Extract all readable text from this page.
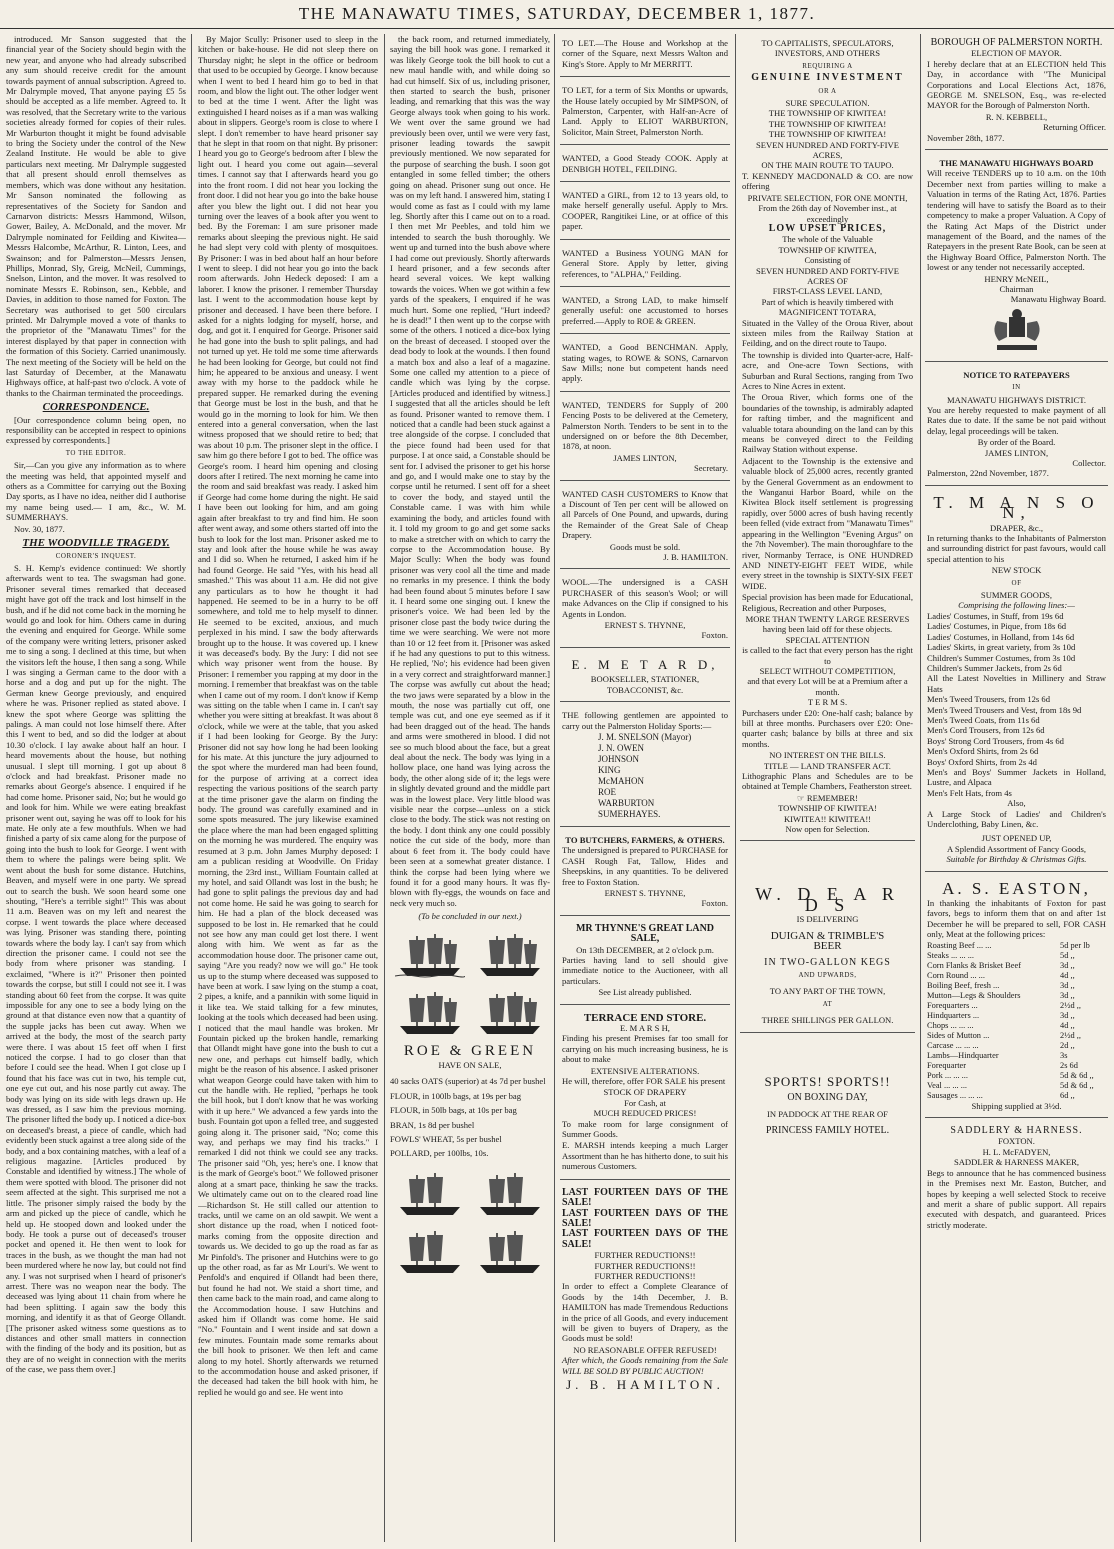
THE MANAWATU TIMES, SATURDAY, DECEMBER 1, 1877.

introduced. Mr Sanson suggested that the financial year of the Society should begin with the new year, and anyone who had already subscribed any sum should receive credit for the amount towards payment of annual subscription. Agreed to. Mr Dalrymple moved, That anyone paying £5 5s should be accepted as a life member. Agreed to. It was resolved, that the Secretary write to the various societies already formed for copies of their rules. Mr Warburton thought it might be found advisable to bring the Society under the control of the New Zealand Institute. He would be able to give particulars next meeting. Mr Dalrymple suggested that all present should enroll themselves as members, which was done without any hesitation. Mr Sanson nominated the following as representatives of the Society for Sandon and Carnarvon districts: Messrs Hammond, Wilson, Gower, Bailey, A. McDonald, and the mover. Mr Dalrymple nominated for Feilding and Kiwitea—Messrs Halcombe, McArthur, R. Linton, Lees, and Swainson; and for Palmerston—Messrs Jensen, Phillips, Monrad, Sly, Greig, McNeil, Cummings, Snelson, Linton, and the mover. It was resolved to nominate Messrs E. Robinson, sen., Kebble, and Davies, in addition to those named for Foxton. The Secretary was authorised to get 500 circulars printed. Mr Dalrymple moved a vote of thanks to the proprietor of the "Manawatu Times" for the interest displayed by that paper in connection with the formation of this Society. Carried unanimously. The next meeting of the Society will be held on the last Saturday of December, at the Manawatu Highways office, at half-past two o'clock. A vote of thanks to the Chairman terminated the proceedings.

CORRESPONDENCE.

[Our correspondence column being open, no responsibility can be accepted in respect to opinions expressed by correspondents.]

TO THE EDITOR.

Sir,—Can you give any information as to where the meeting was held, that appointed myself and others as a Committee for carrying out the Boxing Day sports, as I have no idea, neither did I authorise my name being used.— I am, &c., W. M. SUMMERHAYS.

Nov. 30, 1877.

THE WOODVILLE TRAGEDY.
CORONER'S INQUEST.

S. H. Kemp's evidence continued: We shortly afterwards went to tea. The swagsman had gone. Prisoner several times remarked that deceased might have got off the track and lost himself in the bush, and if he did not come back in the morning he would go and look for him. Others came in during the evening and enquired for George. While some of the company were writing letters, prisoner asked me to sing a song. I declined at this time, but when the visitors left the house, I then sang a song. While I was singing a German came to the door with a horse and a dog and put up for the night. The German knew George previously, and enquired where he was. Prisoner replied as stated above. I knew the spot where George was splitting the palings. A man could not lose himself there. After this I went to bed, and so did the lodger at about 10.30 o'clock. I lay awake about half an hour. I heard movements about the house, but nothing unusual. I slept till morning. I got up about 8 o'clock and had breakfast. Prisoner made no remarks about George's absence. I enquired if he had come home. Prisoner said, No; but he would go and look for him. While we were eating breakfast prisoner went out, saying he was off to look for his mate. He only ate a few mouthfuls. When we had finished a party of six came along for the purpose of going into the bush to look for George. I went with them to where the palings were being split. We went about the bush for some distance. Hutchins, Beaven, and myself were in one party. We spread out to search the bush. We soon heard some one shouting, "Here's a terrible sight!" This was about 11 a.m. Beaven was on my left and nearest the corpse. I went towards the place where deceased was lying. Prisoner was standing there, pointing towards where the body lay. I can't say from which direction the prisoner came. I could not see the body from where prisoner was standing. I exclaimed, "Where is it?" Prisoner then pointed towards the corpse, but still I could not see it. I was standing about 60 feet from the corpse. It was quite impossible for any one to see a body lying on the ground at that distance even now that a quantity of the supple jacks has been cut away. When we arrived at the body, the most of the search party were there. I was about 15 feet off when I first noticed the corpse. I had to go closer than that before I could see the head. When I got close up I found that his face was cut in two, his temple cut, one eye cut out, and his nose partly cut away. The body was lying on its side with legs drawn up. He was dressed, as I saw him the previous morning. The prisoner lifted the body up. I noticed a dice-box on deceased's breast, a piece of candle, which had evidently been stuck against a tree along side of the body, and a box containing matches, with a leaf of a religious magazine. [Articles produced by Constable and identified by witness.] The whole of them were spotted with blood. The prisoner did not seem affected at the sight. This surprised me not a little. The prisoner simply raised the body by the arm and picked up the piece of candle, which he held up. He stooped down and looked under the body. He took a purse out of deceased's trouser pocket and opened it. He then went to look for traces in the bush, as we thought the man had not been murdered where he now lay, but could not find any. I was not surprised when I heard of prisoner's arrest. There was no weapon near the body. The deceased was lying about 11 chain from where he had been splitting. I again saw the body this morning, and identify it as that of George Ollandt. [The prisoner asked witness some questions as to distances and other small matters in connection with the finding of the body and its position, but as they are of no weight in connection with the merits of the case, we pass them over.]

By Major Scully: Prisoner used to sleep in the kitchen or bake-house. He did not sleep there on Thursday night; he slept in the office or bedroom that used to be occupied by George. I know because when I went to bed I heard him go to bed in that room, and blow the light out. The other lodger went to bed at the time I went. After the light was extinguished I heard noises as if a man was walking about in slippers. George's room is close to where I slept. I don't remember to have heard prisoner say that he slept in that room on that night. By prisoner: I heard you go to George's bedroom after I blew the light out. I heard you come out again—several times. I cannot say that I afterwards heard you go into the front room. I did not hear you locking the front door. I did not hear you go into the bake house after you blew the light out. I did not hear you turning over the leaves of a book after you went to bed. By the Foreman: I am sure prisoner made remarks about sleeping the previous night. He said he had slept very cold with plenty of mosquitoes. By Prisoner: I was in bed about half an hour before I went to sleep. I did not hear you go into the back room afterwards. John Hedeck deposed: I am a laborer. I know the prisoner. I remember Thursday last. I went to the accommodation house kept by prisoner and deceased. I have been there before. I asked for a nights lodging for myself, horse, and dog, and got it. I enquired for George. Prisoner said he had gone into the bush to split palings, and had not turned up yet. He told me some time afterwards he had been looking for George, but could not find him; he appeared to be anxious and uneasy. I went away with my horse to the paddock while he prepared supper. He remarked during the evening that George must be lost in the bush, and that he would go in the morning to look for him. We then entered into a general conversation, when the last witness proposed that we should retire to bed; that was about 10 p.m. The prisoner slept in the office. I saw him go there before I got to bed. The office was George's room. I heard him opening and closing doors after I retired. The next morning he came into the room and said breakfast was ready. I asked him if George had come home during the night. He said I have been out looking for him, and am going again after breakfast to try and find him. He soon after went away, and some others started off into the bush to look for the lost man. Prisoner asked me to stay and look after the house while he was away and I did so. When he returned, I asked him if he had found George. He said "Yes, with his head all smashed." This was about 11 a.m. He did not give any particulars as to how he thought it had happened. He seemed to be in a hurry to be off somewhere, and told me to help myself to dinner. He seemed to be excited, anxious, and much perplexed in his mind. I saw the body afterwards brought up to the house. It was covered up. I knew it was deceased's body. By the Jury: I did not see which way prisoner went from the house. By Prisoner: I remember you rapping at my door in the morning. I remember that breakfast was on the table when I came out of my room. I don't know if Kemp was sitting on the table when I came in. I can't say whether you were sitting at breakfast. It was about 8 o'clock, while we were at the table, that you asked if I had been looking for George. By the Jury: Prisoner did not say how long he had been looking for his mate. At this juncture the jury adjourned to the spot where the murdered man had been found, for the purpose of arriving at a correct idea respecting the various positions of the search party at the time prisoner gave the alarm on finding the body. The ground was carefully examined and in some spots measured. The jury likewise examined the place where the man had been engaged splitting on the morning he was murdered. The enquiry was resumed at 3 p.m. John James Murphy deposed: I am a publican residing at Woodville. On Friday morning, the 23rd inst., William Fountain called at my hotel, and said Ollandt was lost in the bush; he had gone to split palings the previous day and had not come home. He said he was going to search for him. He had a plan of the block deceased was supposed to be lost in. He remarked that he could not see how any man could get lost there. I went along with him. We went as far as the accommodation house door. The prisoner came out, saying "Are you ready? now we will go." He took us up to the stump where deceased was supposed to have been at work. I saw lying on the stump a coat, 2 pipes, a knife, and a pannikin with some liquid in it like tea. We staid talking for a few minutes, looking at the tools which deceased had been using. I noticed that the maul handle was broken. Mr Fountain picked up the broken handle, remarking that Ollandt might have gone into the bush to cut a new one, and perhaps cut himself badly, which might be the reason of his absence. I asked prisoner what weapon George could have taken with him to cut the handle with. He replied, "perhaps he took the bill hook, but I don't know that he was working with it up here." We advanced a few yards into the bush. Fountain got upon a felled tree, and suggested going along it. The prisoner said, "No; come this way, and perhaps we may find his tracks." I remarked I did not think we could see any tracks. The prisoner said "Oh, yes; here's one. I know that is the mark of George's boot." We followed prisoner along at a smart pace, thinking he saw the tracks. We ultimately came out on to the cleared road line—Richardson St. He still called our attention to tracks, until we came on an old sawpit. We went a short distance up the road, when I noticed foot-marks coming from the opposite direction and towards us. We decided to go up the road as far as Mr Pinfold's. The prisoner and Hutchins were to go up the other road, as far as Mr Louri's. We went to Penfold's and enquired if Ollandt had been there, but found he had not. We staid a short time, and then came back to the main road, and came along to the Accommodation house. I saw Hutchins and asked him if Ollandt was come home. He said "No." Fountain and I went inside and sat down a few minutes. Fountain made some remarks about the bill hook to prisoner. We then left and came along to my hotel. Shortly afterwards we returned to the accommodation house and asked prisoner, if the deceased had taken the bill hook with him, he replied he would go and see. He went into

the back room, and returned immediately, saying the bill hook was gone. I remarked it was likely George took the bill hook to cut a new maul handle with, and while doing so had cut himself. Six of us, including prisoner, then started to search the bush, prisoner leading, and remarking that this was the way George always took when going to his work. We went over the same ground we had previously been over, until we were very fast, prisoner leading towards the sawpit previously mentioned. We now separated for the purpose of searching the bush. I soon got entangled in some felled timber; the others going on ahead. Prisoner sung out once. He was on my left hand. I answered him, stating I would come as fast as I could with my lame leg. Shortly after this I came out on to a road. I then met Mr Peebles, and told him we intended to search the bush thoroughly. We went up and turned into the bush above where I had come out previously. Shortly afterwards I heard prisoner, and a few seconds after heard several voices. We kept walking towards the voices. When we got within a few yards of the speakers, I enquired if he was much hurt. Some one replied, "Hurt indeed? he is dead!" I then went up to the corpse with some of the others. I noticed a dice-box lying on the breast of deceased. I stooped over the dead body to look at the wounds. I then found a match box and also a leaf of a magazine. Some one called my attention to a piece of candle which was lying by the corpse. [Articles produced and identified by witness.] I suggested that all the articles should be left as found. Prisoner wanted to remove them. I noticed that a candle had been stuck against a tree alongside of the corpse. I concluded that the piece found had been used for that purpose. I at once said, a Constable should be sent for. I advised the prisoner to get his horse and go, and I would make one to stay by the corpse until he returned. I sent off for a sheet to cover the body, and stayed until the Constable came. I was with him while examining the body, and articles found with it. I told my groom to go and get some sacks to make a stretcher with on which to carry the corpse to the Accommodation house. By Major Scully: When the body was found prisoner was very cool all the time and made no remarks in my presence. I think the body had been found about 5 minutes before I saw it. I heard some one singing out. I knew the prisoner's voice. We had been led by the prisoner close past the body twice during the time we were searching. We were not more than 10 or 12 feet from it. [Prisoner was asked if he had any questions to put to this witness. He replied, 'No'; his evidence had been given in a very correct and straightforward manner.] The corpse was awfully cut about the head; the two jaws were separated by a blow in the mouth, the nose was partially cut off, one temple was cut, and one eye seemed as if it had been dragged out of the head. The hands and arms were smothered in blood. I did not see so much blood about the face, but a great deal about the neck. The body was lying in a hollow place, one hand was lying across the body, the other along side of it; the legs were in slightly devated ground and the middle part was in the lowest place. Very little blood was visible near the corpse—unless on a stick close to the body. The stick was not resting on the body. I dont think any one could possibly notice the cut side of the body, more than about 6 feet from it. The body could have been seen at a somewhat greater distance. I think the corpse had been lying where we found it for a good many hours. It was fly-blown with fly-eggs, the wounds on face and neck very much so.

(To be concluded in our next.)
ROE & GREEN
HAVE ON SALE,
40 sacks OATS (superior) at 4s 7d per bushel
FLOUR, in 100lb bags, at 19s per bag
FLOUR, in 50lb bags, at 10s per bag
BRAN, 1s 8d per bushel
FOWLS' WHEAT, 5s per bushel
POLLARD, per 100lbs, 10s.

TO LET.—The House and Workshop at the corner of the Square, next Messrs Walton and King's Store. Apply to Mr MERRITT.

TO LET, for a term of Six Months or upwards, the House lately occupied by Mr SIMPSON, of Palmerston, Carpenter, with Half-an-Acre of Land. Apply to ELIOT WARBURTON, Solicitor, Main Street, Palmerston North.

WANTED, a Good Steady COOK. Apply at DENBIGH HOTEL, FEILDING.

WANTED a GIRL, from 12 to 13 years old, to make herself generally useful. Apply to Mrs. COOPER, Rangitikei Line, or at office of this paper.

WANTED a Business YOUNG MAN for General Store. Apply by letter, giving references, to "ALPHA," Feilding.

WANTED, a Strong LAD, to make himself generally useful: one accustomed to horses preferred.—Apply to ROE & GREEN.

WANTED, a Good BENCHMAN. Apply, stating wages, to ROWE & SONS, Carnarvon Saw Mills; none but competent hands need apply.

WANTED, TENDERS for Supply of 200 Fencing Posts to be delivered at the Cemetery, Palmerston North. Tenders to be sent in to the undersigned on or before the 8th December, 1878, at noon.

JAMES LINTON,
Secretary.

WANTED CASH CUSTOMERS to Know that a Discount of Ten per cent will be allowed on all Parcels of One Pound, and upwards, during the Remainder of the Great Sale of Cheap Drapery.

Goods must be sold.
J. B. HAMILTON.

WOOL.—The undersigned is a CASH PURCHASER of this season's Wool; or will make Advances on the Clip if consigned to his Agents in London.

ERNEST S. THYNNE,
Foxton.
E. M E T A R D,
BOOKSELLER, STATIONER, TOBACCONIST, &c.

THE following gentlemen are appointed to carry out the Palmerston Holiday Sports:—

J. M. SNELSON (Mayor)
J. N. OWEN
JOHNSON
KING
McMAHON
ROE
WARBURTON
SUMERHAYES.
TO BUTCHERS, FARMERS, & OTHERS.

The undersigned is prepared to PURCHASE for CASH Rough Fat, Tallow, Hides and Sheepskins, in any quantities. To be delivered free to Foxton Station.

ERNEST S. THYNNE,
Foxton.
MR THYNNE'S GREAT LAND SALE,
On 13th DECEMBER, at 2 o'clock p.m.

Parties having land to sell should give immediate notice to the Auctioneer, with all particulars.

See List already published.
TERRACE END STORE.
E. M A R S H,

Finding his present Premises far too small for carrying on his much increasing business, he is about to make

EXTENSIVE ALTERATIONS.

He will, therefore, offer FOR SALE his present

STOCK OF DRAPERY
For Cash, at
MUCH REDUCED PRICES!

To make room for large consignment of Summer Goods.

E. MARSH intends keeping a much Larger Assortment than he has hitherto done, to suit his numerous Customers.

LAST FOURTEEN DAYS OF THE SALE!
LAST FOURTEEN DAYS OF THE SALE!
LAST FOURTEEN DAYS OF THE SALE!
FURTHER REDUCTIONS!!
FURTHER REDUCTIONS!!
FURTHER REDUCTIONS!!

In order to effect a Complete Clearance of Goods by the 14th December, J. B. HAMILTON has made Tremendous Reductions in the price of all Goods, and every inducement will be given to buyers of Drapery, as the Goods must be sold!

NO REASONABLE OFFER REFUSED!

After which, the Goods remaining from the Sale WILL BE SOLD BY PUBLIC AUCTION!

J. B. HAMILTON.
TO CAPITALISTS, SPECULATORS, INVESTORS, AND OTHERS
REQUIRING A
GENUINE INVESTMENT
OR A
SURE SPECULATION.
THE TOWNSHIP OF KIWITEA!
THE TOWNSHIP OF KIWITEA!
THE TOWNSHIP OF KIWITEA!
SEVEN HUNDRED AND FORTY-FIVE ACRES,
ON THE MAIN ROUTE TO TAUPO.

T. KENNEDY MACDONALD & CO. are now offering

PRIVATE SELECTION, FOR ONE MONTH,
From the 26th day of November inst., at exceedingly
LOW UPSET PRICES,
The whole of the Valuable
TOWNSHIP OF KIWITEA,
Consisting of
SEVEN HUNDRED AND FORTY-FIVE ACRES OF
FIRST-CLASS LEVEL LAND,
Part of which is heavily timbered with
MAGNIFICENT TOTARA,

Situated in the Valley of the Oroua River, about sixteen miles from the Railway Station at Feilding, and on the direct route to Taupo.

The township is divided into Quarter-acre, Half-acre, and One-acre Town Sections, with Suburban and Rural Sections, ranging from Two Acres to Nine Acres in extent.

The Oroua River, which forms one of the boundaries of the township, is admirably adapted for rafting timber, and the magnificent and valuable totara abounding on the land can by this means be conveyed direct to the Feilding Railway Station without expense.

Adjacent to the Township is the extensive and valuable block of 25,000 acres, recently granted by the General Government as an endowment to the Wanganui Harbor Board, while on the Kiwitea Block itself settlement is progressing rapidly, over 5000 acres of bush having recently been felled (vide extract from "Manawatu Times" appearing in the Wellington "Evening Argus" on the 7th November). The main thoroughfare to the river, Normanby Terrace, is ONE HUNDRED AND NINETY-EIGHT FEET WIDE, while every street in the township is SIXTY-SIX FEET WIDE.

Special provision has been made for Educational, Religious, Recreation and other Purposes,

MORE THAN TWENTY LARGE RESERVES
having been laid off for these objects.
SPECIAL ATTENTION
is called to the fact that every person has the right to
SELECT WITHOUT COMPETITION,
and that every Lot will be at a Premium after a month.
T E R M S.

Purchasers under £20: One-half cash; balance by bill at three months. Purchasers over £20: One-quarter cash; balance by bills at three and six months.

NO INTEREST ON THE BILLS.
TITLE — LAND TRANSFER ACT.

Lithographic Plans and Schedules are to be obtained at Temple Chambers, Featherston street.

☞ REMEMBER!
TOWNSHIP OF KIWITEA!
KIWITEA!! KIWITEA!!
Now open for Selection.
W. D E A R D S
IS DELIVERING
DUIGAN & TRIMBLE'S
BEER
IN TWO-GALLON KEGS
AND UPWARDS,
TO ANY PART OF THE TOWN,
AT
THREE SHILLINGS PER GALLON.
SPORTS! SPORTS!!
ON BOXING DAY,
IN PADDOCK AT THE REAR OF
PRINCESS FAMILY HOTEL.
BOROUGH OF PALMERSTON NORTH.
ELECTION OF MAYOR.

I hereby declare that at an ELECTION held This Day, in accordance with "The Municipal Corporations and Local Elections Act, 1876, GEORGE M. SNELSON, Esq., was re-elected MAYOR for the Borough of Palmerston North.

R. N. KEBBELL,
Returning Officer.
November 28th, 1877.
THE MANAWATU HIGHWAYS BOARD

Will receive TENDERS up to 10 a.m. on the 10th December next from parties willing to make a Valuation in terms of the Rating Act, 1876. Parties tendering will have to satisfy the Board as to their competency to make a proper Valuation. A Copy of the Rating Act Maps of the District under management of the Board, and the names of the Ratepayers in the present Rate Book, can be seen at the Highway Board Office, Palmerston North. The lowest or any tender not necessarily accepted.

HENRY McNEIL,
Chairman
Manawatu Highway Board.
NOTICE TO RATEPAYERS
IN
MANAWATU HIGHWAYS DISTRICT.

You are hereby requested to make payment of all Rates due to date. If the same be not paid without delay, legal proceedings will be taken.

By order of the Board.
JAMES LINTON,
Collector.
Palmerston, 22nd November, 1877.
T. M A N S O N,
DRAPER, &c.,

In returning thanks to the Inhabitants of Palmerston and surrounding district for past favours, would call special attention to his

NEW STOCK
OF
SUMMER GOODS,
Comprising the following lines:—
Ladies' Costumes, in Stuff, from 19s 6d
Ladies' Costumes, in Pique, from 18s 6d
Ladies' Costumes, in Holland, from 14s 6d
Ladies' Skirts, in great variety, from 3s 10d
Children's Summer Costumes, from 3s 10d
Children's Summer Jackets, from 2s 6d
All the Latest Novelties in Millinery and Straw Hats
Men's Tweed Trousers, from 12s 6d
Men's Tweed Trousers and Vest, from 18s 9d
Men's Tweed Coats, from 11s 6d
Men's Cord Trousers, from 12s 6d
Boys' Strong Cord Trousers, from 4s 6d
Men's Oxford Shirts, from 2s 6d
Boys' Oxford Shirts, from 2s 4d
Men's and Boys' Summer Jackets in Holland, Lustre, and Alpaca
Men's Felt Hats, from 4s
Also,
A Large Stock of Ladies' and Children's Underclothing, Baby Linen, &c.
JUST OPENED UP,
A Splendid Assortment of Fancy Goods,
Suitable for Birthday & Christmas Gifts.
A. S. EASTON,

In thanking the inhabitants of Foxton for past favors, begs to inform them that on and after 1st December he will be prepared to sell, FOR CASH only, Meat at the following prices:

Roasting Beef ... ...	5d per lb
Steaks ... ... ...	5d ,,
Corn Flanks & Brisket Beef	3d ,,
Corn Round ... ...	4d ,,
Boiling Beef, fresh ...	3d ,,
Mutton—Legs & Shoulders	3d ,,
Forequarters ...	2½d ,,
Hindquarters ...	3d ,,
Chops ... ... ...	4d ,,
Sides of Mutton ...	2½d ,,
Carcase ... ... ...	2d ,,
Lambs—Hindquarter	3s
Forequarter	2s 6d
Pork ... ... ...	5d & 6d ,,
Veal ... ... ...	5d & 6d ,,
Sausages ... ... ...	6d ,,
Shipping supplied at 3½d.
SADDLERY & HARNESS.
FOXTON.
H. L. McFADYEN,
SADDLER & HARNESS MAKER,

Begs to announce that he has commenced business in the Premises next Mr. Easton, Butcher, and hopes by keeping a well selected Stock to receive and merit a share of public support. All repairs executed with despatch, and guaranteed. Prices strictly moderate.
